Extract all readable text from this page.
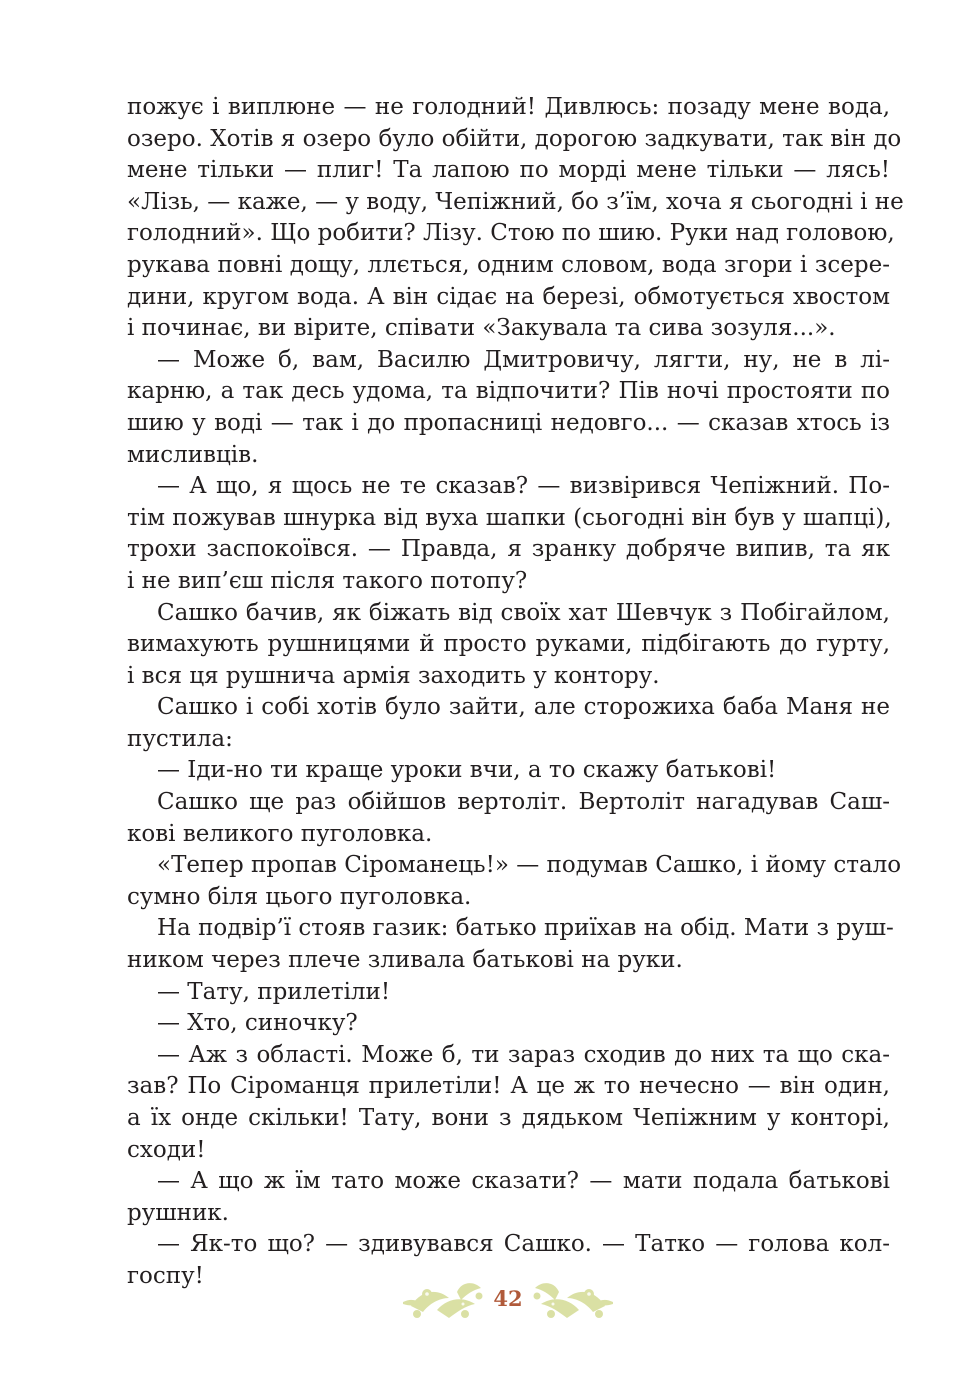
пожує і виплюне — не голодний! Дивлюсь: позаду мене вода,
озеро. Хотів я озеро було обійти, дорогою задкувати, так він до
мене тільки — плиг! Та лапою по морді мене тільки — лясь!
«Лізь, — каже, — у воду, Чепіжний, бо з’їм, хоча я сьогодні і не
голодний». Що робити? Лізу. Стою по шию. Руки над головою,
рукава повні дощу, ллється, одним словом, вода згори і зсере-
дини, кругом вода. А він сідає на березі, обмотується хвостом
і починає, ви вірите, співати «Закувала та сива зозуля...».
— Може б, вам, Василю Дмитровичу, лягти, ну, не в лі-
карню, а так десь удома, та відпочити? Пів ночі простояти по
шию у воді — так і до пропасниці недовго... — сказав хтось із
мисливців.
— А що, я щось не те сказав? — визвірився Чепіжний. По-
тім пожував шнурка від вуха шапки (сьогодні він був у шапці),
трохи заспокоївся. — Правда, я зранку добряче випив, та як
і не вип’єш після такого потопу?
Сашко бачив, як біжать від своїх хат Шевчук з Побігайлом,
вимахують рушницями й просто руками, підбігають до гурту,
і вся ця рушнича армія заходить у контору.
Сашко і собі хотів було зайти, але сторожиха баба Маня не
пустила:
— Іди-но ти краще уроки вчи, а то скажу батькові!
Сашко ще раз обійшов вертоліт. Вертоліт нагадував Саш-
кові великого пуголовка.
«Тепер пропав Сіроманець!» — подумав Сашко, і йому стало
сумно біля цього пуголовка.
На подвір’ї стояв газик: батько приїхав на обід. Мати з руш-
ником через плече зливала батькові на руки.
— Тату, прилетіли!
— Хто, синочку?
— Аж з області. Може б, ти зараз сходив до них та що ска-
зав? По Сіроманця прилетіли! А це ж то нечесно — він один,
а їх онде скільки! Тату, вони з дядьком Чепіжним у конторі,
сходи!
— А що ж їм тато може сказати? — мати подала батькові
рушник.
— Як-то що? — здивувався Сашко. — Татко — голова кол-
госпу!
42
